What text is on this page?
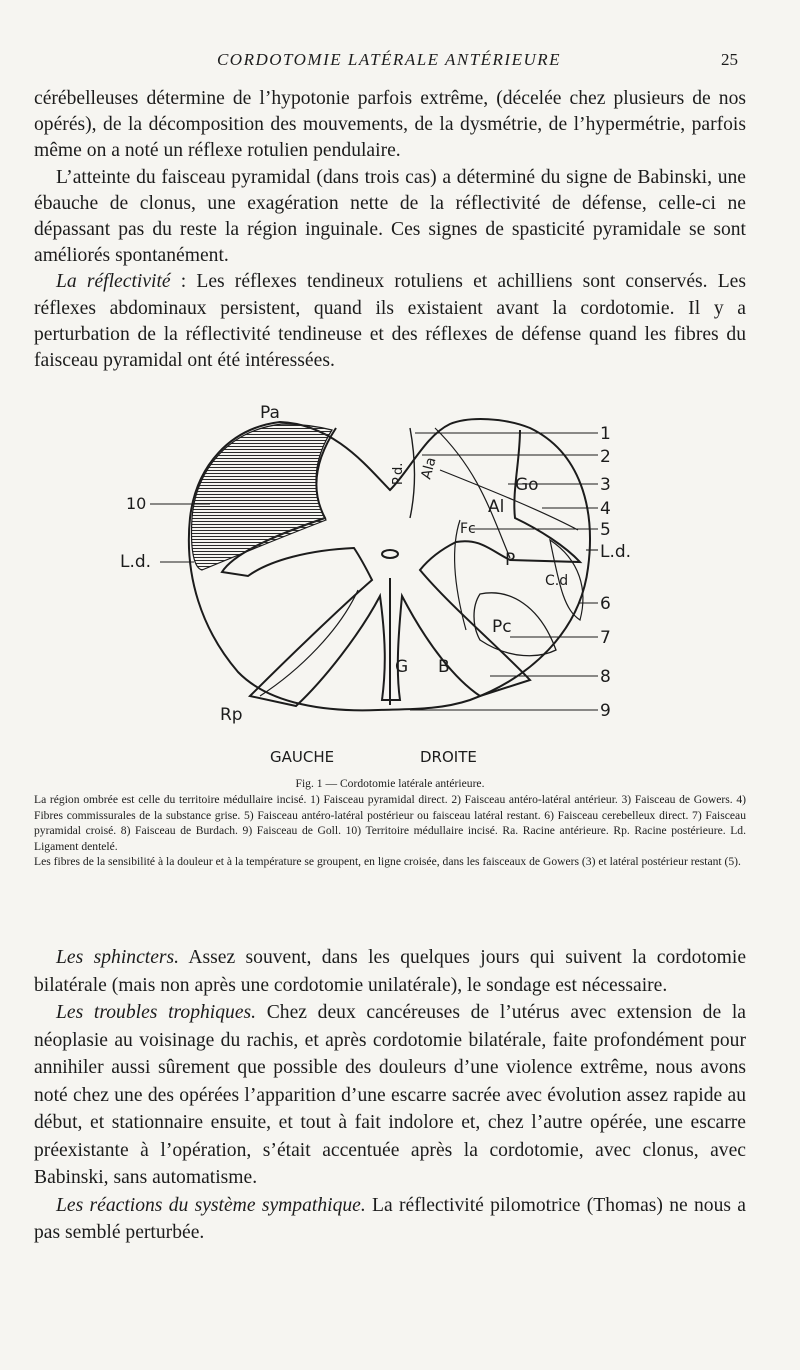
CORDOTOMIE LATÉRALE ANTÉRIEURE	25

cérébelleuses détermine de l’hypotonie parfois extrême, (décelée chez plusieurs de nos opérés), de la décomposition des mouvements, de la dysmétrie, de l’hypermétrie, parfois même on a noté un réflexe rotulien pendulaire.

L’atteinte du faisceau pyramidal (dans trois cas) a déterminé du signe de Babinski, une ébauche de clonus, une exagération nette de la réflectivité de défense, celle-ci ne dépassant pas du reste la région inguinale. Ces signes de spasticité pyramidale se sont améliorés spontanément.

La réflectivité : Les réflexes tendineux rotuliens et achilliens sont conservés. Les réflexes abdominaux persistent, quand ils existaient avant la cordotomie. Il y a perturbation de la réflectivité tendineuse et des réflexes de défense quand les fibres du faisceau pyramidal ont été intéressées.

Pa
P.d. Ala
Go
Al
Fc
P
C.d
Pc
G B
Rp
L.d.	L.d.
10
1
2
3
4
5
6
7
8
9
GAUCHE	DROITE

Fig. 1 — Cordotomie latérale antérieure.

La région ombrée est celle du territoire médullaire incisé. 1) Faisceau pyramidal direct. 2) Faisceau antéro-latéral antérieur. 3) Faisceau de Gowers. 4) Fibres commissurales de la substance grise. 5) Faisceau antéro-latéral postérieur ou faisceau latéral restant. 6) Faisceau cerebelleux direct. 7) Faisceau pyramidal croisé. 8) Faisceau de Burdach. 9) Faisceau de Goll. 10) Territoire médullaire incisé. Ra. Racine antérieure. Rp. Racine postérieure. Ld. Ligament dentelé.

Les fibres de la sensibilité à la douleur et à la température se groupent, en ligne croisée, dans les faisceaux de Gowers (3) et latéral postérieur restant (5).

Les sphincters. Assez souvent, dans les quelques jours qui suivent la cordotomie bilatérale (mais non après une cordotomie unilatérale), le sondage est nécessaire.

Les troubles trophiques. Chez deux cancéreuses de l’utérus avec extension de la néoplasie au voisinage du rachis, et après cordotomie bilatérale, faite profondément pour annihiler aussi sûrement que possible des douleurs d’une violence extrême, nous avons noté chez une des opérées l’apparition d’une escarre sacrée avec évolution assez rapide au début, et stationnaire ensuite, et tout à fait indolore et, chez l’autre opérée, une escarre préexistante à l’opération, s’était accentuée après la cordotomie, avec clonus, avec Babinski, sans automatisme.

Les réactions du système sympathique. La réflectivité pilomotrice (Thomas) ne nous a pas semblé perturbée.
